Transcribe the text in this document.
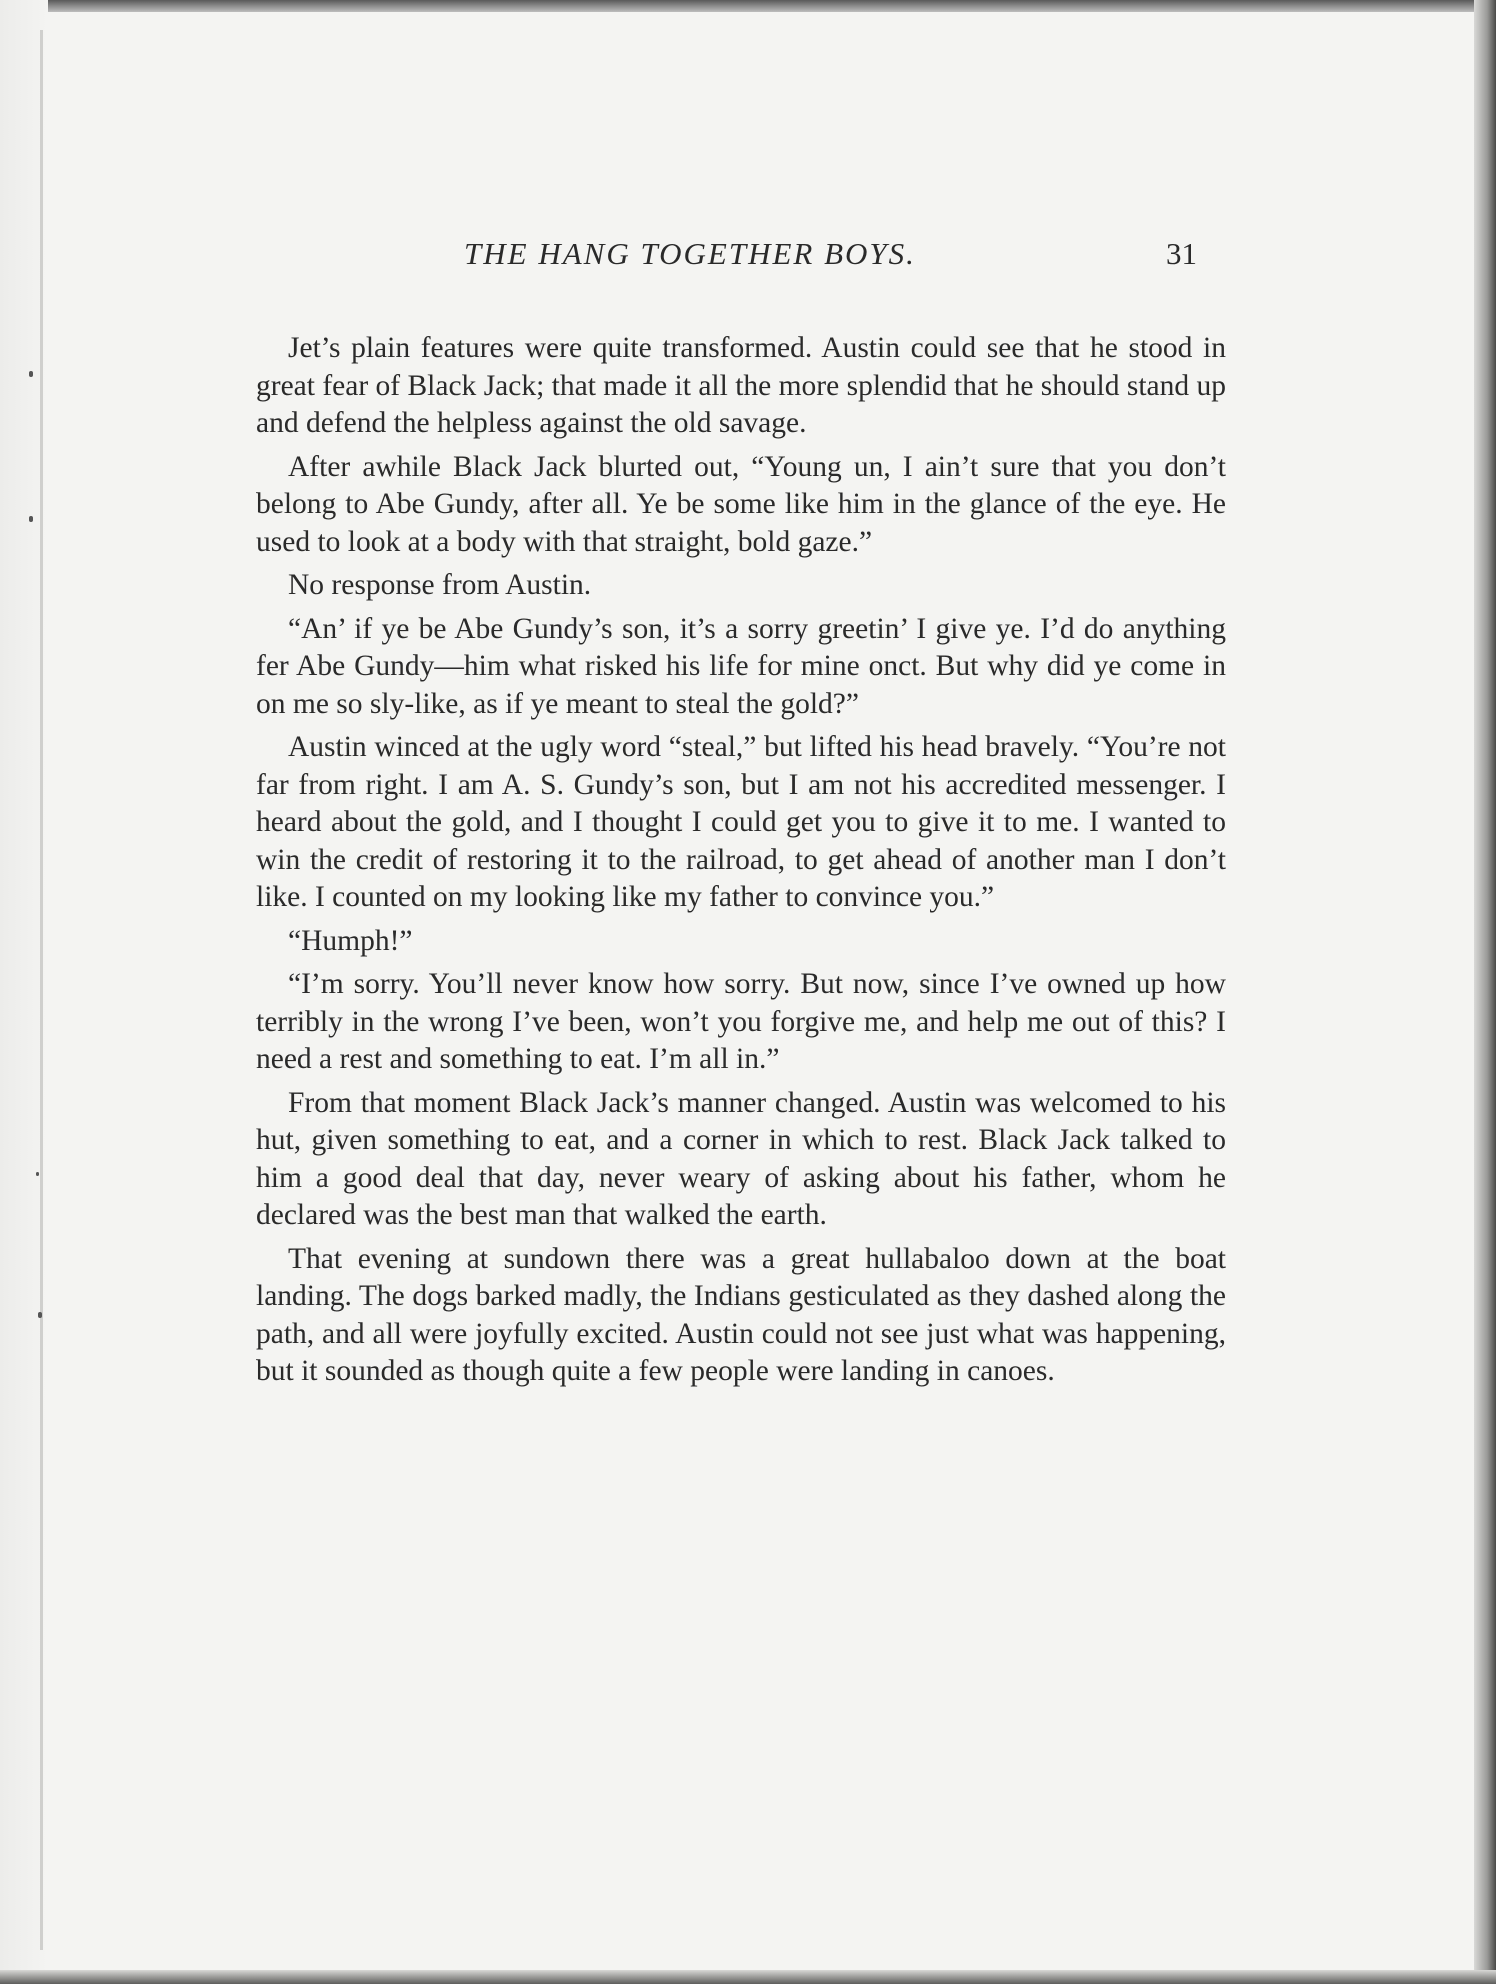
THE HANG TOGETHER BOYS.	31

Jet’s plain features were quite transformed. Austin could see that he stood in great fear of Black Jack; that made it all the more splendid that he should stand up and defend the helpless against the old savage.

After awhile Black Jack blurted out, “Young un, I ain’t sure that you don’t belong to Abe Gundy, after all. Ye be some like him in the glance of the eye. He used to look at a body with that straight, bold gaze.”

No response from Austin.

“An’ if ye be Abe Gundy’s son, it’s a sorry greetin’ I give ye. I’d do anything fer Abe Gundy—him what risked his life for mine onct. But why did ye come in on me so sly-like, as if ye meant to steal the gold?”

Austin winced at the ugly word “steal,” but lifted his head bravely. “You’re not far from right. I am A. S. Gundy’s son, but I am not his accredited messenger. I heard about the gold, and I thought I could get you to give it to me. I wanted to win the credit of restoring it to the railroad, to get ahead of another man I don’t like. I counted on my looking like my father to convince you.”

“Humph!”

“I’m sorry. You’ll never know how sorry. But now, since I’ve owned up how terribly in the wrong I’ve been, won’t you forgive me, and help me out of this? I need a rest and something to eat. I’m all in.”

From that moment Black Jack’s manner changed. Austin was welcomed to his hut, given something to eat, and a corner in which to rest. Black Jack talked to him a good deal that day, never weary of asking about his father, whom he declared was the best man that walked the earth.

That evening at sundown there was a great hullabaloo down at the boat landing. The dogs barked madly, the Indians gesticulated as they dashed along the path, and all were joyfully excited. Austin could not see just what was happening, but it sounded as though quite a few people were landing in canoes.
